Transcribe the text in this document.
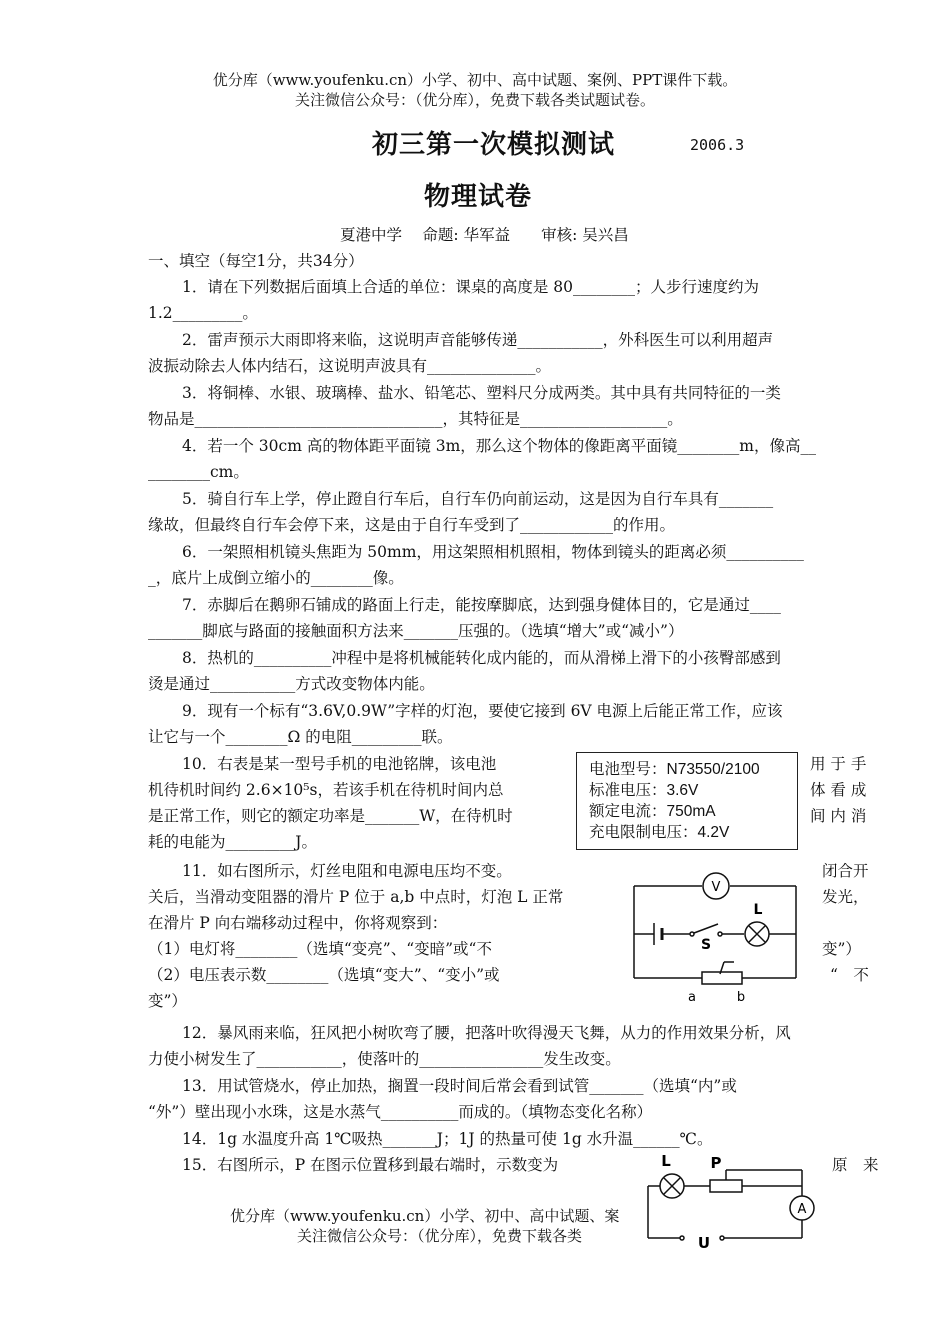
优分库（www.youfenku.cn）小学、初中、高中试题、案例、PPT课件下载。
关注微信公众号：（优分库），免费下载各类试题试卷。
初三第一次模拟测试	2006.3
物理试卷
夏港中学　 命题: 华军益　　审核: 吴兴昌
一、填空（每空1分，共34分）
1．请在下列数据后面填上合适的单位：课桌的高度是 80________；人步行速度约为
1.2_________。
2．雷声预示大雨即将来临，这说明声音能够传递___________，外科医生可以利用超声
波振动除去人体内结石，这说明声波具有______________。
3．将铜棒、水银、玻璃棒、盐水、铅笔芯、塑料尺分成两类。其中具有共同特征的一类
物品是________________________________，其特征是___________________。
4．若一个 30cm 高的物体距平面镜 3m，那么这个物体的像距离平面镜________m，像高__
________cm。
5．骑自行车上学，停止蹬自行车后，自行车仍向前运动，这是因为自行车具有_______
缘故，但最终自行车会停下来，这是由于自行车受到了____________的作用。
6．一架照相机镜头焦距为 50mm，用这架照相机照相，物体到镜头的距离必须__________
_，底片上成倒立缩小的________像。
7．赤脚后在鹅卵石铺成的路面上行走，能按摩脚底，达到强身健体目的，它是通过____
_______脚底与路面的接触面积方法来_______压强的。（选填“增大”或“减小”）
8．热机的__________冲程中是将机械能转化成内能的，而从滑梯上滑下的小孩臀部感到
烫是通过___________方式改变物体内能。
9．现有一个标有“3.6V,0.9W”字样的灯泡，要使它接到 6V 电源上后能正常工作，应该
让它与一个________Ω 的电阻_________联。
10．右表是某一型号手机的电池铭牌，该电池
机待机时间约 2.6×10⁵s，若该手机在待机时间内总
是正常工作，则它的额定功率是_______W，在待机时
耗的电能为_________J。
用 于 手
体 看 成
间 内 消
电池型号：N73550/2100
标准电压：3.6V
额定电流：750mA
充电限制电压：4.2V
11．如右图所示，灯丝电阻和电源电压均不变。
关后，当滑动变阻器的滑片 P 位于 a,b 中点时，灯泡 L 正常
在滑片 P 向右端移动过程中，你将观察到：
（1）电灯将________（选填“变亮”、“变暗”或“不
（2）电压表示数________（选填“变大”、“变小”或
变”）
闭合开
发光，
变”）
“　不
V
L
S
a	b
12．暴风雨来临，狂风把小树吹弯了腰，把落叶吹得漫天飞舞，从力的作用效果分析，风
力使小树发生了___________，使落叶的________________发生改变。
13．用试管烧水，停止加热，搁置一段时间后常会看到试管_______（选填“内”或
“外”）壁出现小水珠，这是水蒸气__________而成的。（填物态变化名称）
14．1g 水温度升高 1℃吸热_______J；1J 的热量可使 1g 水升温______℃。
15．右图所示，P 在图示位置移到最右端时，示数变为	原　来
L	P
A
U
优分库（www.youfenku.cn）小学、初中、高中试题、案
关注微信公众号：（优分库），免费下载各类
